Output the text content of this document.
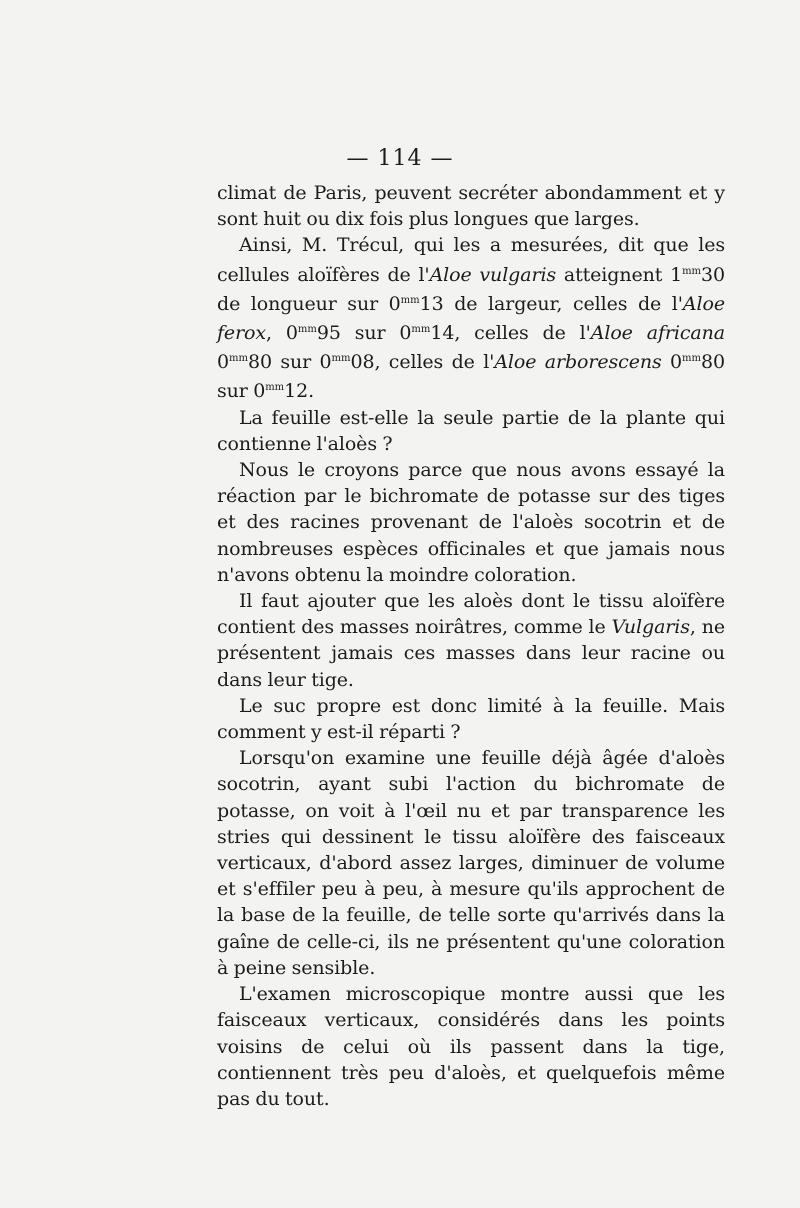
— 114 —

climat de Paris, peuvent secréter abondamment et y sont huit ou dix fois plus longues que larges.

Ainsi, M. Trécul, qui les a mesurées, dit que les cellules aloïfères de l'Aloe vulgaris atteignent $1^{mm}30$ de longueur sur $0^{mm}13$ de largeur, celles de l'Aloe ferox, $0^{mm}95$ sur $0^{mm}14$, celles de l'Aloe africana $0^{mm}80$ sur $0^{mm}08$, celles de l'Aloe arborescens $0^{mm}80$ sur $0^{mm}12$.

La feuille est-elle la seule partie de la plante qui contienne l'aloès ?

Nous le croyons parce que nous avons essayé la réaction par le bichromate de potasse sur des tiges et des racines provenant de l'aloès socotrin et de nombreuses espèces officinales et que jamais nous n'avons obtenu la moindre coloration.

Il faut ajouter que les aloès dont le tissu aloïfère contient des masses noirâtres, comme le Vulgaris, ne présentent jamais ces masses dans leur racine ou dans leur tige.

Le suc propre est donc limité à la feuille. Mais comment y est-il réparti ?

Lorsqu'on examine une feuille déjà âgée d'aloès socotrin, ayant subi l'action du bichromate de potasse, on voit à l'œil nu et par transparence les stries qui dessinent le tissu aloïfère des faisceaux verticaux, d'abord assez larges, diminuer de volume et s'effiler peu à peu, à mesure qu'ils approchent de la base de la feuille, de telle sorte qu'arrivés dans la gaîne de celle-ci, ils ne présentent qu'une coloration à peine sensible.

L'examen microscopique montre aussi que les faisceaux verticaux, considérés dans les points voisins de celui où ils passent dans la tige, contiennent très peu d'aloès, et quelquefois même pas du tout.
